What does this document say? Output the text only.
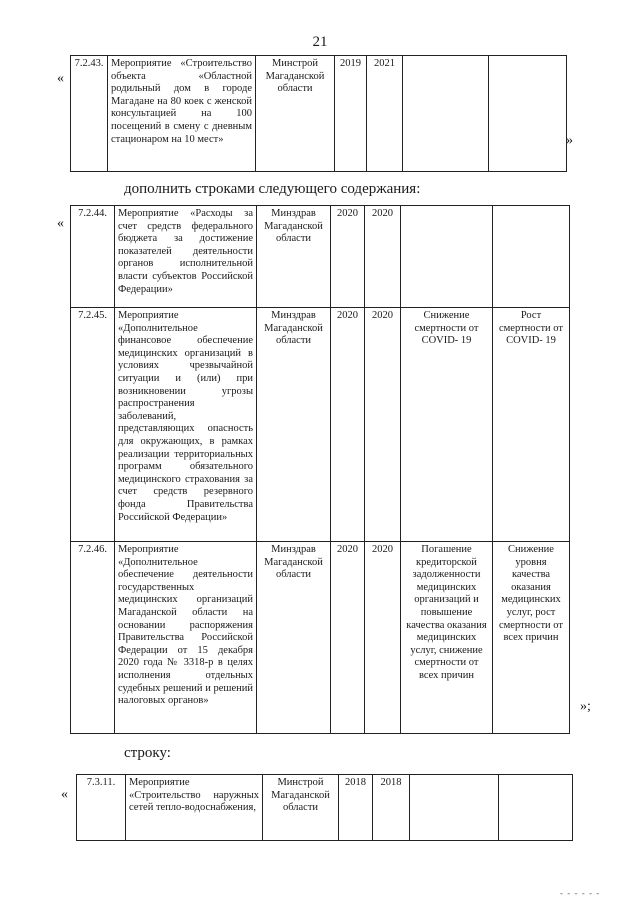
21
«
7.2.43.	Мероприятие «Строительство объекта «Областной родильный дом в городе Магадане на 80 коек с женской консультацией на 100 посещений в смену с дневным стационаром на 10 мест»	Минстрой Магаданской области	2019	2021		
»
дополнить строками следующего содержания:
«
7.2.44.	Мероприятие «Расходы за счет средств федерального бюджета за достижение показателей деятельности органов исполнительной власти субъектов Российской Федерации»	Минздрав Магаданской области	2020	2020		
7.2.45.	Мероприятие «Дополнительное финансовое обеспечение медицинских организаций в условиях чрезвычайной ситуации и (или) при возникновении угрозы распространения заболеваний, представляющих опасность для окружающих, в рамках реализации территориальных программ обязательного медицинского страхования за счет средств резервного фонда Правительства Российской Федерации»	Минздрав Магаданской области	2020	2020	Снижение смертности от COVID- 19	Рост смертности от COVID- 19
7.2.46.	Мероприятие «Дополнительное обеспечение деятельности государственных медицинских организаций Магаданской области на основании распоряжения Правительства Российской Федерации от 15 декабря 2020 года № 3318-р в целях исполнения отдельных судебных решений и решений налоговых органов»	Минздрав Магаданской области	2020	2020	Погашение кредиторской задолженности медицинских организаций и повышение качества оказания медицинских услуг, снижение смертности от всех причин	Снижение уровня качества оказания медицинских услуг, рост смертности от всех причин
»;
строку:
«
7.3.11.	Мероприятие «Строительство наружных сетей тепло-водоснабжения,	Минстрой Магаданской области	2018	2018		
- - - - - -
